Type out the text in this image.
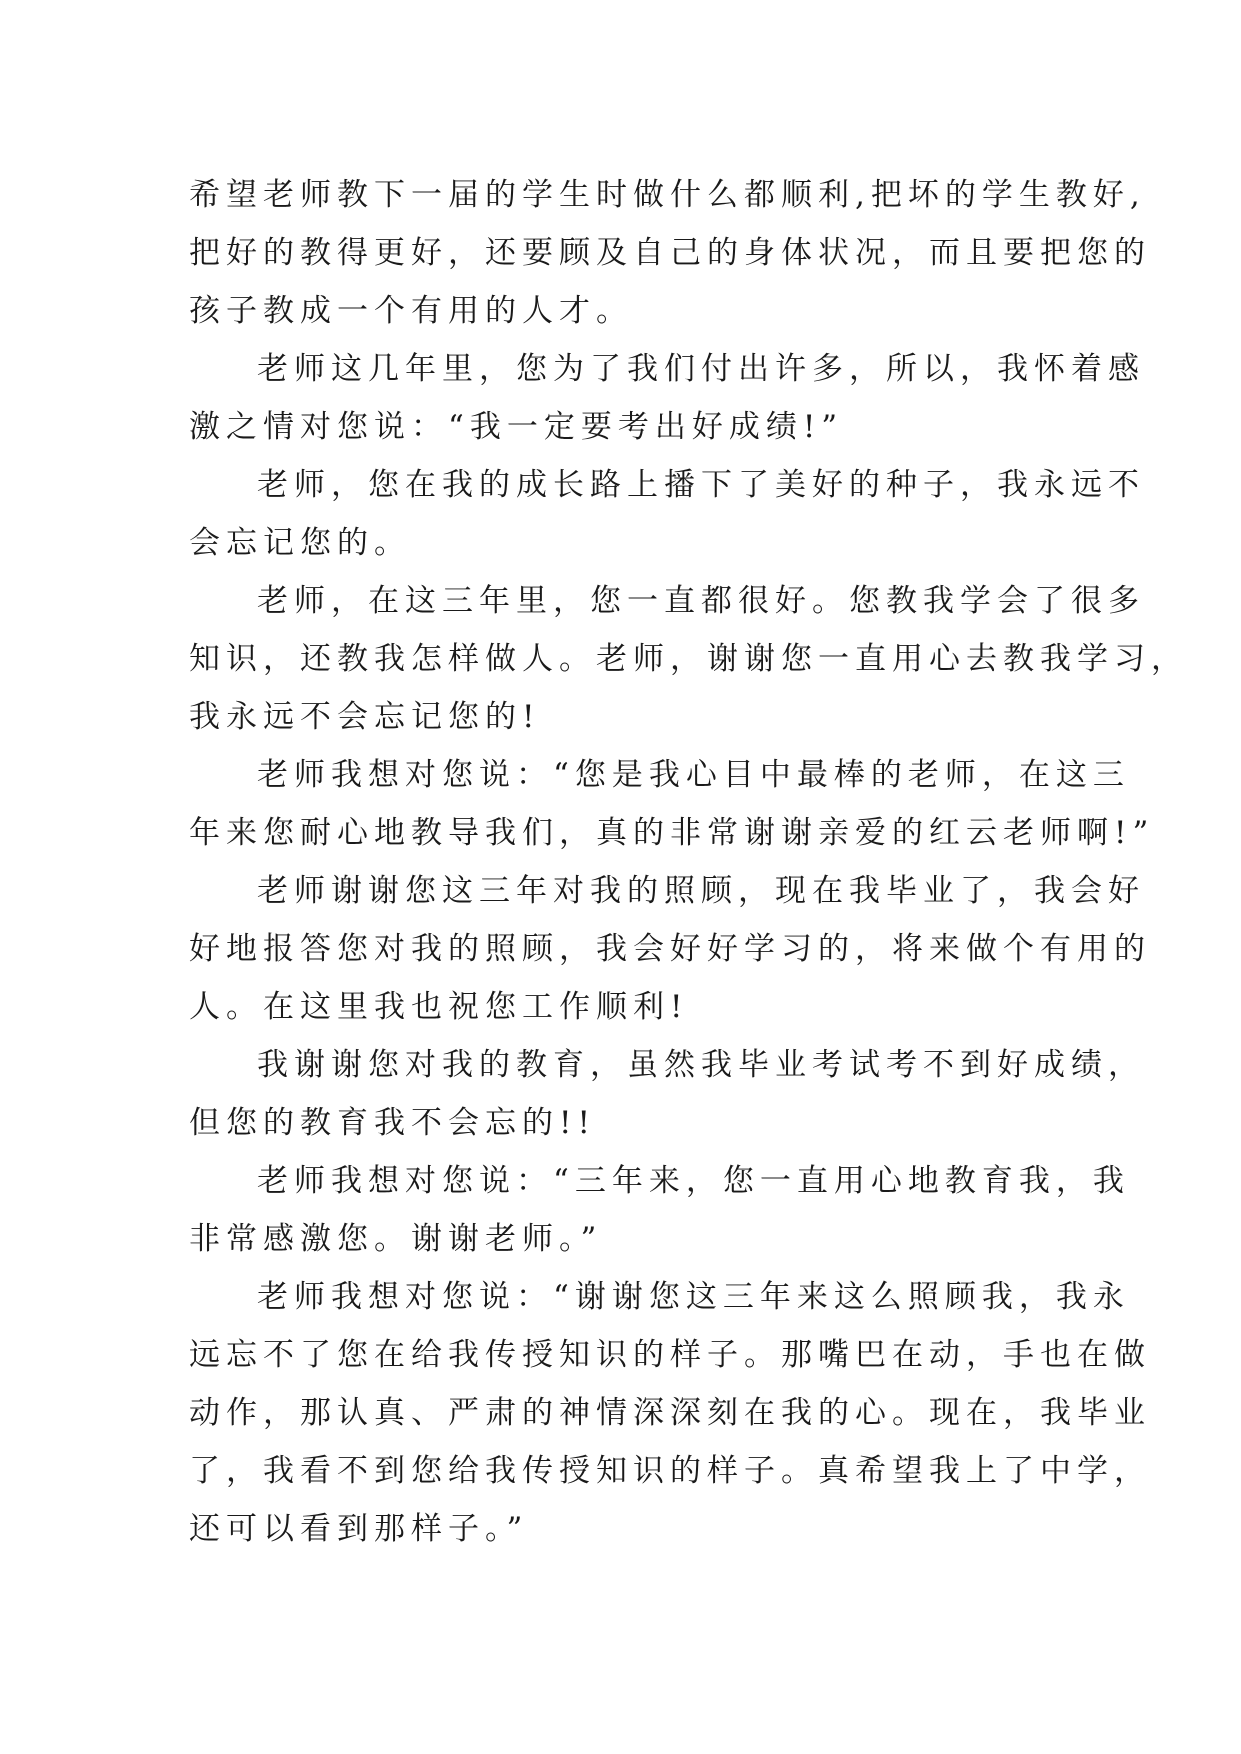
希望老师教下一届的学生时做什么都顺利,把坏的学生教好,
把好的教得更好，还要顾及自己的身体状况，而且要把您的
孩子教成一个有用的人才。

老师这几年里，您为了我们付出许多，所以，我怀着感
激之情对您说：“我一定要考出好成绩!”

老师，您在我的成长路上播下了美好的种子，我永远不
会忘记您的。

老师，在这三年里，您一直都很好。您教我学会了很多
知识，还教我怎样做人。老师，谢谢您一直用心去教我学习，
我永远不会忘记您的!

老师我想对您说：“您是我心目中最棒的老师，在这三
年来您耐心地教导我们，真的非常谢谢亲爱的红云老师啊!”

老师谢谢您这三年对我的照顾，现在我毕业了，我会好
好地报答您对我的照顾，我会好好学习的，将来做个有用的
人。在这里我也祝您工作顺利!

我谢谢您对我的教育，虽然我毕业考试考不到好成绩，
但您的教育我不会忘的!!

老师我想对您说：“三年来，您一直用心地教育我，我
非常感激您。谢谢老师。”

老师我想对您说：“谢谢您这三年来这么照顾我，我永
远忘不了您在给我传授知识的样子。那嘴巴在动，手也在做
动作，那认真、严肃的神情深深刻在我的心。现在，我毕业
了，我看不到您给我传授知识的样子。真希望我上了中学，
还可以看到那样子。”
